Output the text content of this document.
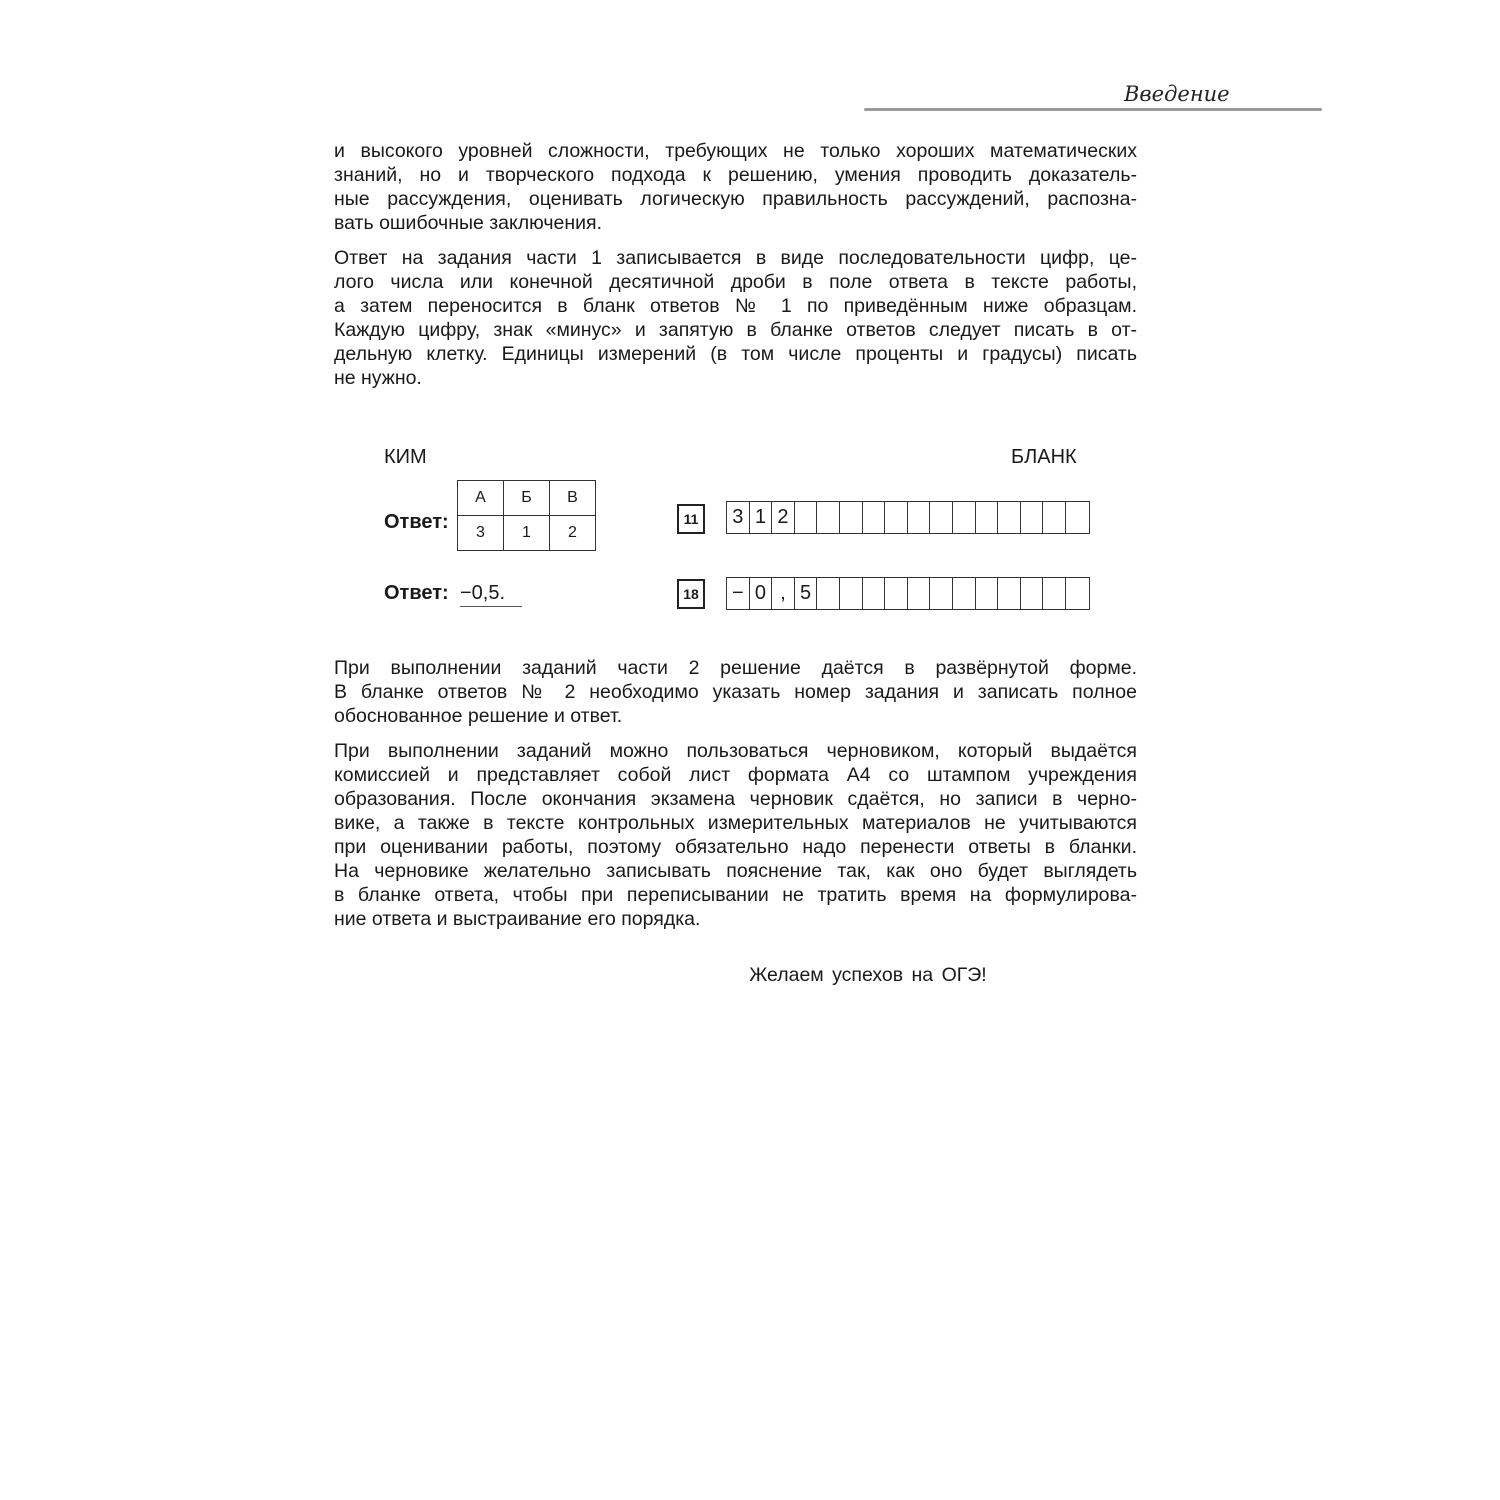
Введение
и высокого уровней сложности, требующих не только хороших математических
знаний, но и творческого подхода к решению, умения проводить доказатель-
ные рассуждения, оценивать логическую правильность рассуждений, распозна-
вать ошибочные заключения.
Ответ на задания части 1 записывается в виде последовательности цифр, це-
лого числа или конечной десятичной дроби в поле ответа в тексте работы,
а затем переносится в бланк ответов № 1 по приведённым ниже образцам.
Каждую цифру, знак «минус» и запятую в бланке ответов следует писать в от-
дельную клетку. Единицы измерений (в том числе проценты и градусы) писать
не нужно.
КИМ	БЛАНК
Ответ:
А	Б	В
3	1	2
Ответ: −0,5.
11	3 1 2
18	− 0 , 5
При выполнении заданий части 2 решение даётся в развёрнутой форме.
В бланке ответов № 2 необходимо указать номер задания и записать полное
обоснованное решение и ответ.
При выполнении заданий можно пользоваться черновиком, который выдаётся
комиссией и представляет собой лист формата А4 со штампом учреждения
образования. После окончания экзамена черновик сдаётся, но записи в черно-
вике, а также в тексте контрольных измерительных материалов не учитываются
при оценивании работы, поэтому обязательно надо перенести ответы в бланки.
На черновике желательно записывать пояснение так, как оно будет выглядеть
в бланке ответа, чтобы при переписывании не тратить время на формулирова-
ние ответа и выстраивание его порядка.
Желаем успехов на ОГЭ!
